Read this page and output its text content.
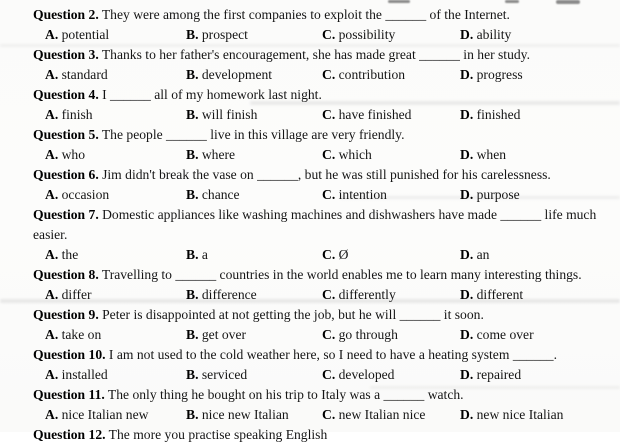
Question 2. They were among the first companies to exploit the ______ of the Internet.
A. potential	B. prospect	C. possibility	D. ability
Question 3. Thanks to her father's encouragement, she has made great ______ in her study.
A. standard	B. development	C. contribution	D. progress
Question 4. I ______ all of my homework last night.
A. finish	B. will finish	C. have finished	D. finished
Question 5. The people ______ live in this village are very friendly.
A. who	B. where	C. which	D. when
Question 6. Jim didn't break the vase on ______, but he was still punished for his carelessness.
A. occasion	B. chance	C. intention	D. purpose
Question 7. Domestic appliances like washing machines and dishwashers have made ______ life much easier.
A. the	B. a	C. Ø	D. an
Question 8. Travelling to ______ countries in the world enables me to learn many interesting things.
A. differ	B. difference	C. differently	D. different
Question 9. Peter is disappointed at not getting the job, but he will ______ it soon.
A. take on	B. get over	C. go through	D. come over
Question 10. I am not used to the cold weather here, so I need to have a heating system ______.
A. installed	B. serviced	C. developed	D. repaired
Question 11. The only thing he bought on his trip to Italy was a ______ watch.
A. nice Italian new	B. nice new Italian	C. new Italian nice	D. new nice Italian
Question 12. The more you practise speaking English
